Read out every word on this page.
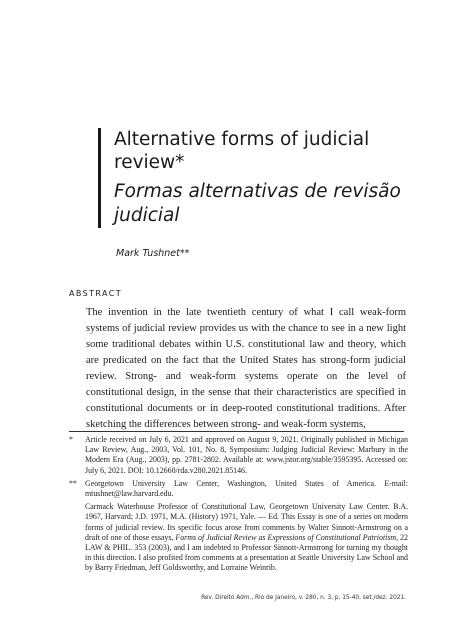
Alternative forms of judicial review*
Formas alternativas de revisão judicial
Mark Tushnet**
ABSTRACT

The invention in the late twentieth century of what I call weak-form systems of judicial review provides us with the chance to see in a new light some traditional debates within U.S. constitutional law and theory, which are predicated on the fact that the United States has strong-form judicial review. Strong- and weak-form systems operate on the level of constitutional design, in the sense that their characteristics are specified in constitutional documents or in deep-rooted constitutional traditions. After sketching the differences between strong- and weak-form systems,

*	Article received on July 6, 2021 and approved on August 9, 2021. Originally published in Michigan Law Review, Aug., 2003, Vol. 101, No. 8, Symposium: Judging Judicial Review: Marbury in the Modern Era (Aug., 2003), pp. 2781-2802. Available at: www.jstor.org/stable/3595395. Accessed on: July 6, 2021. DOI: 10.12660/rda.v280.2021.85146.
**	Georgetown University Law Center, Washington, United States of America. E-mail: mtushnet@law.harvard.edu.

Carmack Waterhouse Professor of Constitutional Law, Georgetown University Law Center. B.A. 1967, Harvard; J.D. 1971, M.A. (History) 1971, Yale. — Ed. This Essay is one of a series on modern forms of judicial review. Its specific focus arose from comments by Walter Sinnott-Armstrong on a draft of one of those essays, Forms of Judicial Review as Expressions of Constitutional Patriotism, 22 LAW & PHIL. 353 (2003), and I am indebted to Professor Sinnott-Armstrong for turning my thought in this direction. I also profited from comments at a presentation at Seattle University Law School and by Barry Friedman, Jeff Goldsworthy, and Lorraine Weinrib.

Rev. Direito Adm., Rio de Janeiro, v. 280, n. 3, p. 15-40, set./dez. 2021.
